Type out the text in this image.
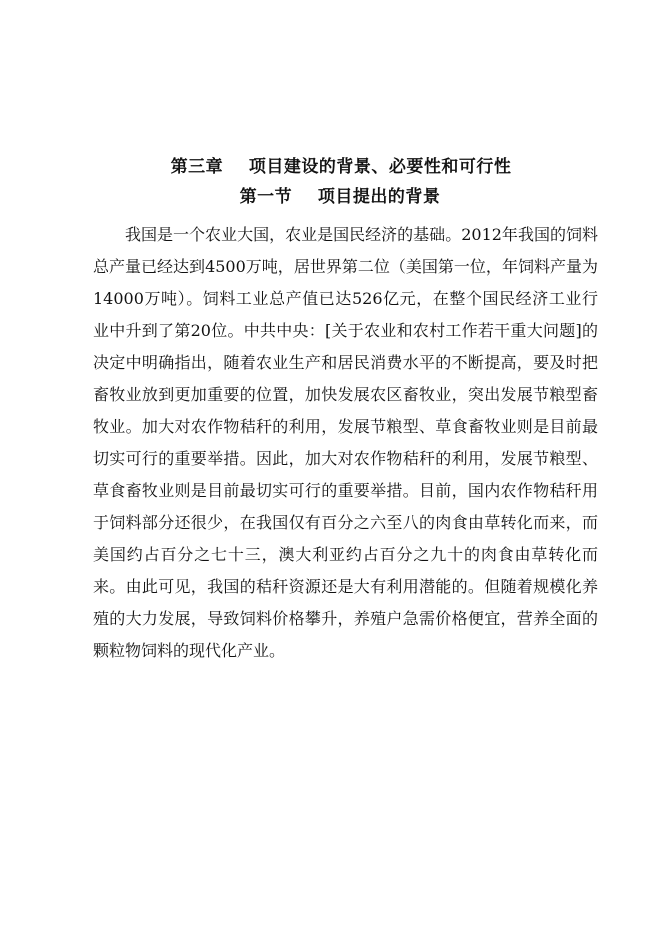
第三章    项目建设的背景、必要性和可行性
第一节    项目提出的背景

我国是一个农业大国，农业是国民经济的基础。2012年我国的饲料总产量已经达到4500万吨，居世界第二位（美国第一位，年饲料产量为14000万吨）。饲料工业总产值已达526亿元，在整个国民经济工业行业中升到了第20位。中共中央：[关于农业和农村工作若干重大问题]的决定中明确指出，随着农业生产和居民消费水平的不断提高，要及时把畜牧业放到更加重要的位置，加快发展农区畜牧业，突出发展节粮型畜牧业。加大对农作物秸秆的利用，发展节粮型、草食畜牧业则是目前最切实可行的重要举措。因此，加大对农作物秸秆的利用，发展节粮型、草食畜牧业则是目前最切实可行的重要举措。目前，国内农作物秸秆用于饲料部分还很少，在我国仅有百分之六至八的肉食由草转化而来，而美国约占百分之七十三，澳大利亚约占百分之九十的肉食由草转化而来。由此可见，我国的秸秆资源还是大有利用潜能的。但随着规模化养殖的大力发展，导致饲料价格攀升，养殖户急需价格便宜，营养全面的颗粒物饲料的现代化产业。
